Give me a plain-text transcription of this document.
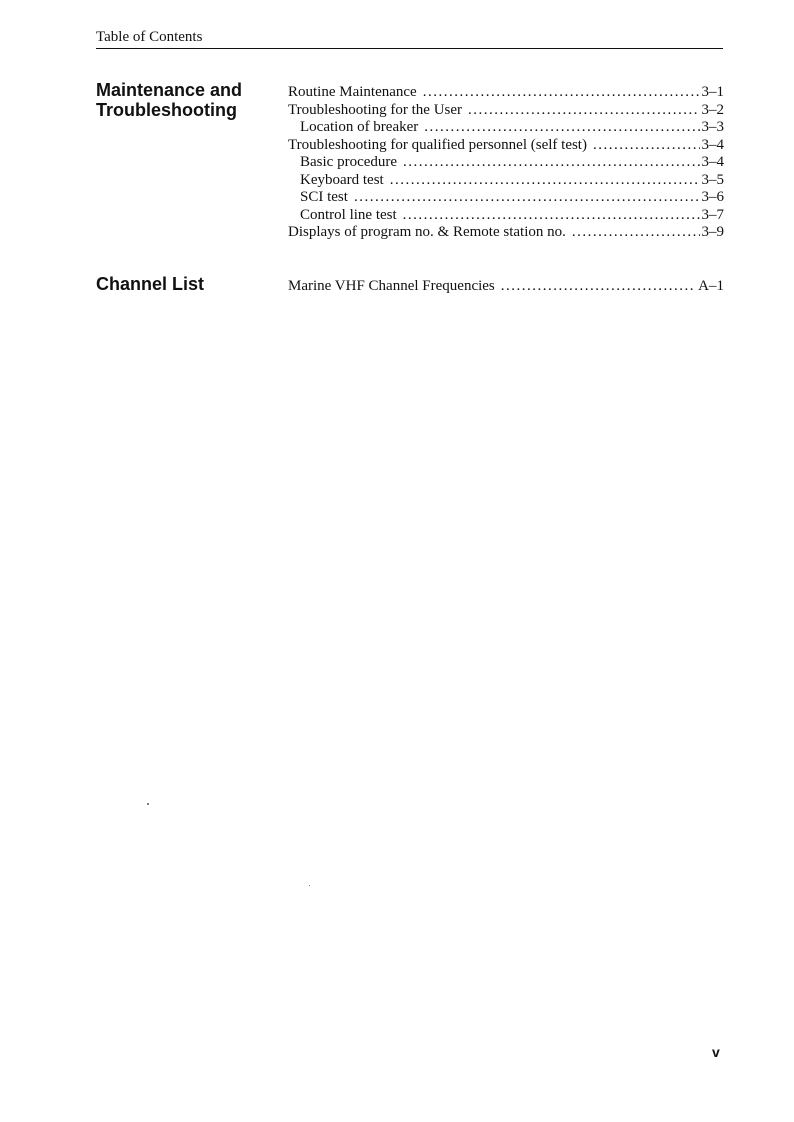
Table of Contents
Maintenance and
Troubleshooting
Routine Maintenance .....	3–1
Troubleshooting for the User .....	3–2
Location of breaker .....	3–3
Troubleshooting for qualified personnel (self test) .....	3–4
Basic procedure .....	3–4
Keyboard test .....	3–5
SCI test .....	3–6
Control line test .....	3–7
Displays of program no. & Remote station no. .....	3–9
Channel List	Marine VHF Channel Frequencies .....	A–1
v
